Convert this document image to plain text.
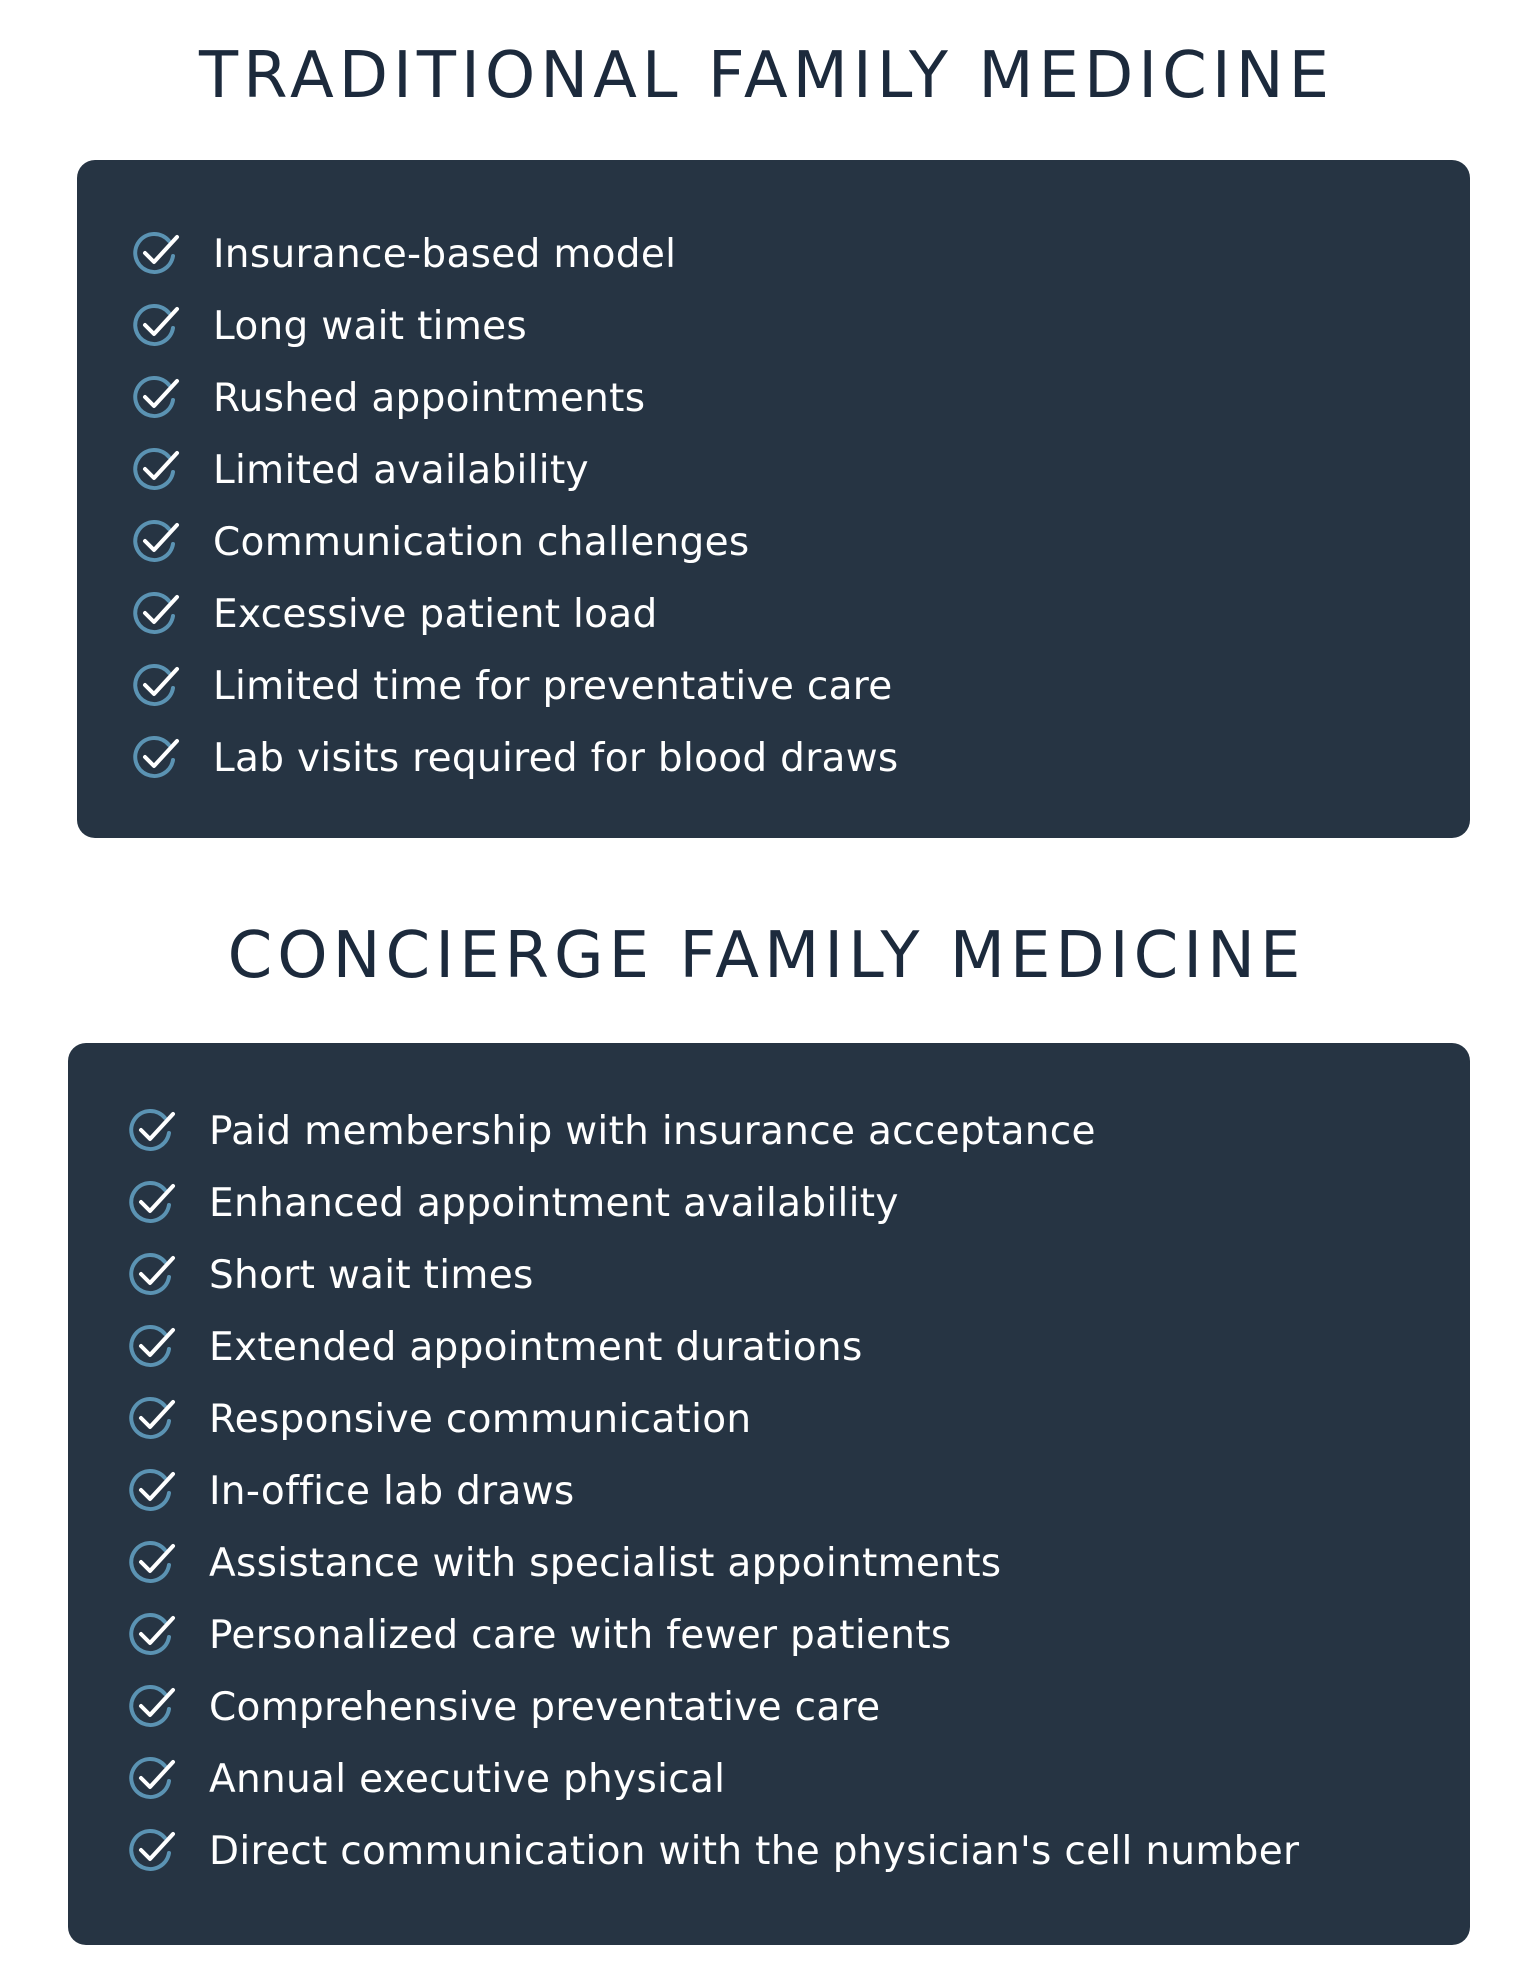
TRADITIONAL FAMILY MEDICINE
Insurance-based model
Long wait times
Rushed appointments
Limited availability
Communication challenges
Excessive patient load
Limited time for preventative care
Lab visits required for blood draws
CONCIERGE FAMILY MEDICINE
Paid membership with insurance acceptance
Enhanced appointment availability
Short wait times
Extended appointment durations
Responsive communication
In-office lab draws
Assistance with specialist appointments
Personalized care with fewer patients
Comprehensive preventative care
Annual executive physical
Direct communication with the physician's cell number
